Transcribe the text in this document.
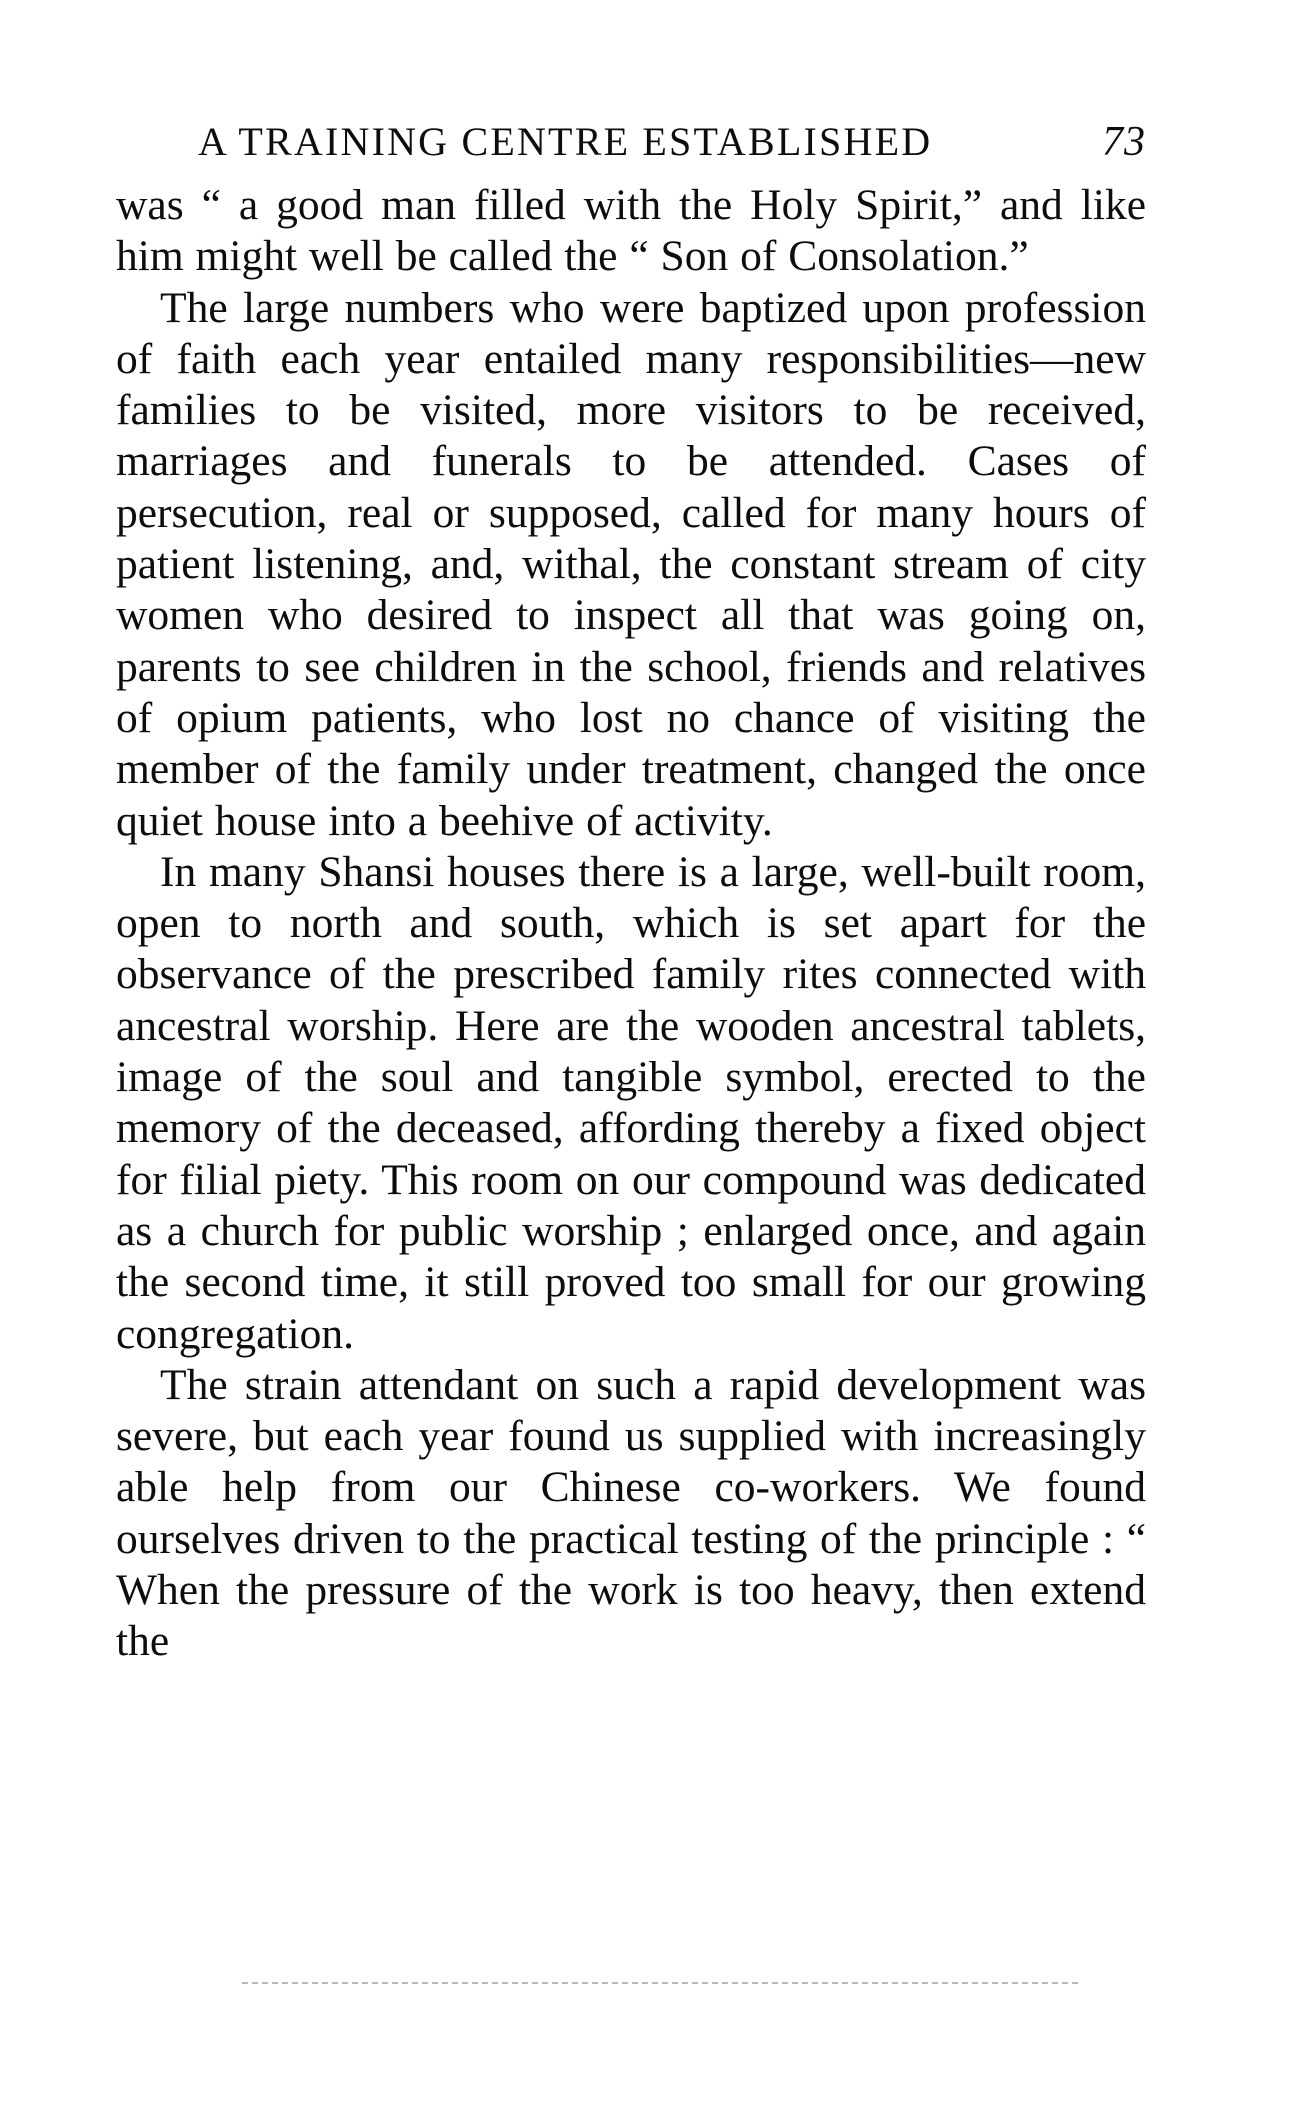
A TRAINING CENTRE ESTABLISHED	73

was “ a good man filled with the Holy Spirit,” and like him might well be called the “ Son of Consolation.”

The large numbers who were baptized upon profession of faith each year entailed many responsibilities—new families to be visited, more visitors to be received, marriages and funerals to be attended. Cases of persecution, real or supposed, called for many hours of patient listening, and, withal, the constant stream of city women who desired to inspect all that was going on, parents to see children in the school, friends and relatives of opium patients, who lost no chance of visiting the member of the family under treatment, changed the once quiet house into a beehive of activity.

In many Shansi houses there is a large, well-built room, open to north and south, which is set apart for the observance of the prescribed family rites connected with ancestral worship. Here are the wooden ancestral tablets, image of the soul and tangible symbol, erected to the memory of the deceased, affording thereby a fixed object for filial piety. This room on our compound was dedicated as a church for public worship ; enlarged once, and again the second time, it still proved too small for our growing congregation.

The strain attendant on such a rapid development was severe, but each year found us supplied with increasingly able help from our Chinese co-workers. We found ourselves driven to the practical testing of the principle : “ When the pressure of the work is too heavy, then extend the
